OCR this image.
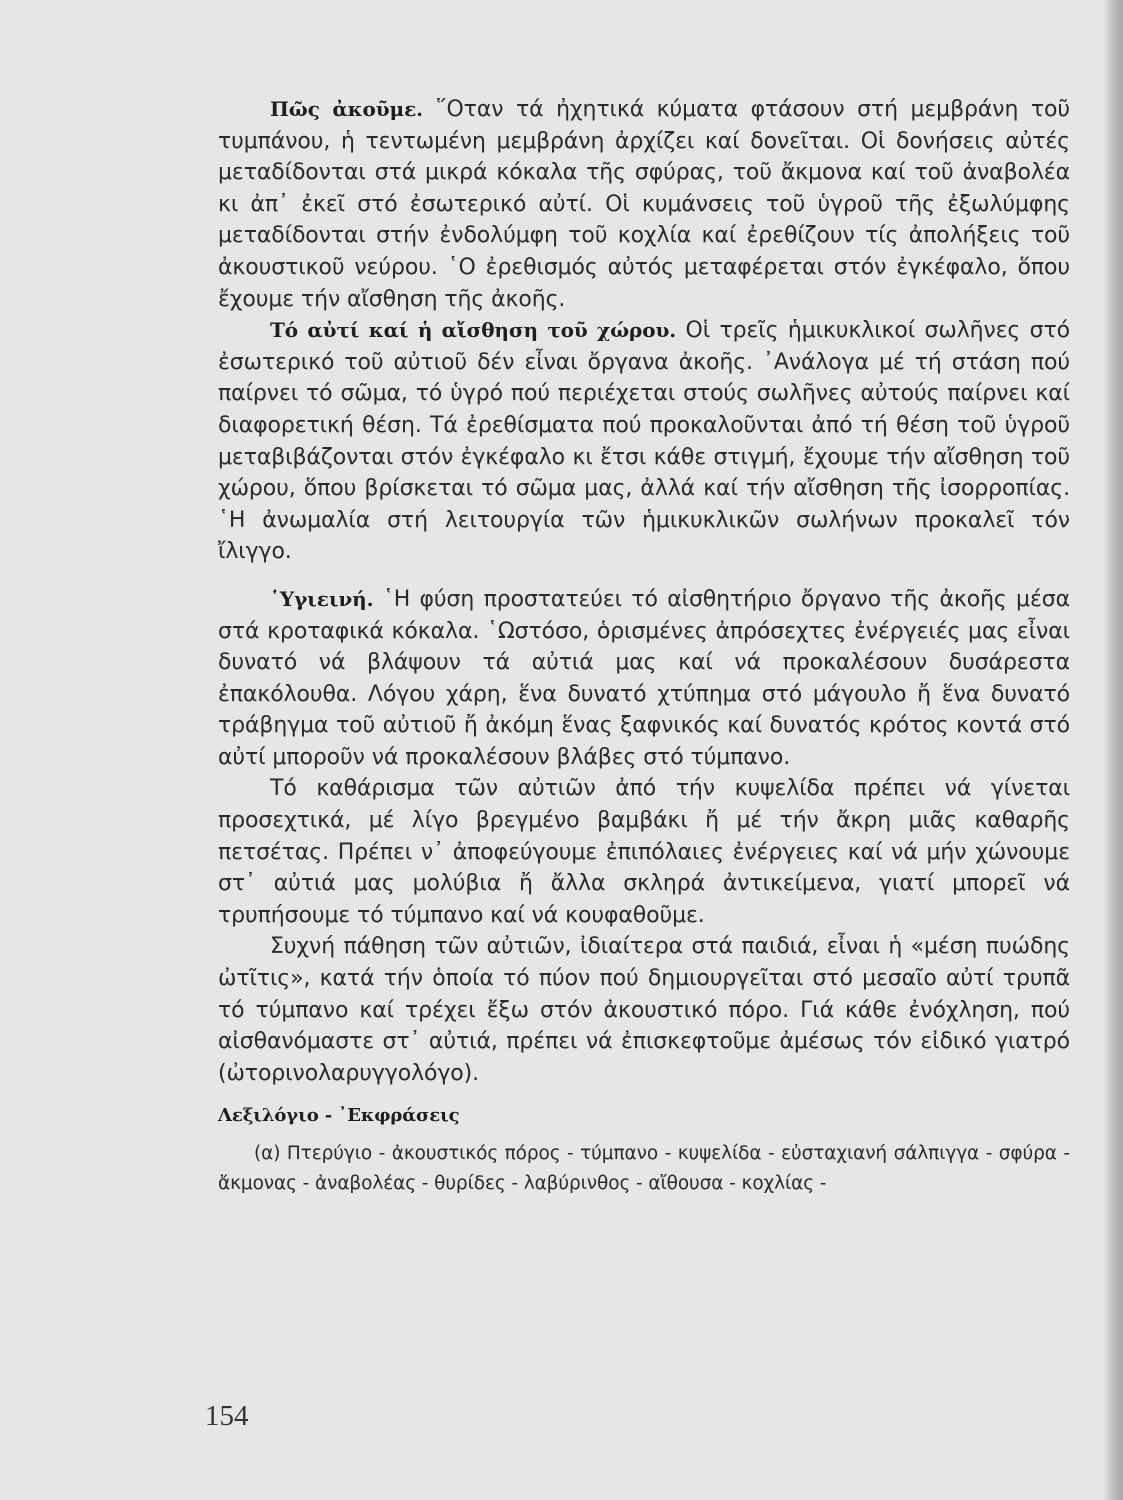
Πῶς ἀκοῦμε. ῞Οταν τά ἠχητικά κύματα φτάσουν στή μεμβράνη τοῦ τυμπάνου, ἡ τεντωμένη μεμβράνη ἀρχίζει καί δονεῖται. Οἱ δονήσεις αὐτές μεταδίδονται στά μικρά κόκαλα τῆς σφύρας, τοῦ ἄκμονα καί τοῦ ἀναβολέα κι ἀπ᾿ ἐκεῖ στό ἐσωτερικό αὐτί. Οἱ κυμάνσεις τοῦ ὑγροῦ τῆς ἐξωλύμφης μεταδίδονται στήν ἐνδολύμφη τοῦ κοχλία καί ἐρεθίζουν τίς ἀπολήξεις τοῦ ἀκουστικοῦ νεύρου. ῾Ο ἐρεθισμός αὐτός μεταφέρεται στόν ἐγκέφαλο, ὅπου ἔχουμε τήν αἴσθηση τῆς ἀκοῆς.

Τό αὐτί καί ἡ αἴσθηση τοῦ χώρου. Οἱ τρεῖς ἡμικυκλικοί σωλῆνες στό ἐσωτερικό τοῦ αὐτιοῦ δέν εἶναι ὄργανα ἀκοῆς. ᾿Ανάλογα μέ τή στάση πού παίρνει τό σῶμα, τό ὑγρό πού περιέχεται στούς σωλῆνες αὐτούς παίρνει καί διαφορετική θέση. Τά ἐρεθίσματα πού προκαλοῦνται ἀπό τή θέση τοῦ ὑγροῦ μεταβιβάζονται στόν ἐγκέφαλο κι ἔτσι κάθε στιγμή, ἔχουμε τήν αἴσθηση τοῦ χώρου, ὅπου βρίσκεται τό σῶμα μας, ἀλλά καί τήν αἴσθηση τῆς ἰσορροπίας. ῾Η ἀνωμαλία στή λειτουργία τῶν ἡμικυκλικῶν σωλήνων προκαλεῖ τόν ἴλιγγο.

῾Υγιεινή. ῾Η φύση προστατεύει τό αἰσθητήριο ὄργανο τῆς ἀκοῆς μέσα στά κροταφικά κόκαλα. ῾Ωστόσο, ὁρισμένες ἀπρόσεχτες ἐνέργειές μας εἶναι δυνατό νά βλάψουν τά αὐτιά μας καί νά προκαλέσουν δυσάρεστα ἐπακόλουθα. Λόγου χάρη, ἕνα δυνατό χτύπημα στό μάγουλο ἤ ἕνα δυνατό τράβηγμα τοῦ αὐτιοῦ ἤ ἀκόμη ἕνας ξαφνικός καί δυνατός κρότος κοντά στό αὐτί μποροῦν νά προκαλέσουν βλάβες στό τύμπανο.

Τό καθάρισμα τῶν αὐτιῶν ἀπό τήν κυψελίδα πρέπει νά γίνεται προσεχτικά, μέ λίγο βρεγμένο βαμβάκι ἤ μέ τήν ἄκρη μιᾶς καθαρῆς πετσέτας. Πρέπει ν᾿ ἀποφεύγουμε ἐπιπόλαιες ἐνέργειες καί νά μήν χώνουμε στ᾿ αὐτιά μας μολύβια ἤ ἄλλα σκληρά ἀντικείμενα, γιατί μπορεῖ νά τρυπήσουμε τό τύμπανο καί νά κουφαθοῦμε.

Συχνή πάθηση τῶν αὐτιῶν, ἰδιαίτερα στά παιδιά, εἶναι ἡ «μέση πυώδης ὠτῖτις», κατά τήν ὁποία τό πύον πού δημιουργεῖται στό μεσαῖο αὐτί τρυπᾶ τό τύμπανο καί τρέχει ἔξω στόν ἀκουστικό πόρο. Γιά κάθε ἐνόχληση, πού αἰσθανόμαστε στ᾿ αὐτιά, πρέπει νά ἐπισκεφτοῦμε ἀμέσως τόν εἰδικό γιατρό (ὠτορινολαρυγγολόγο).

Λεξιλόγιο - ᾿Εκφράσεις

(α) Πτερύγιο - ἀκουστικός πόρος - τύμπανο - κυψελίδα - εὐσταχιανή σάλπιγγα - σφύρα - ἄκμονας - ἀναβολέας - θυρίδες - λαβύρινθος - αἴθουσα - κοχλίας -

154
